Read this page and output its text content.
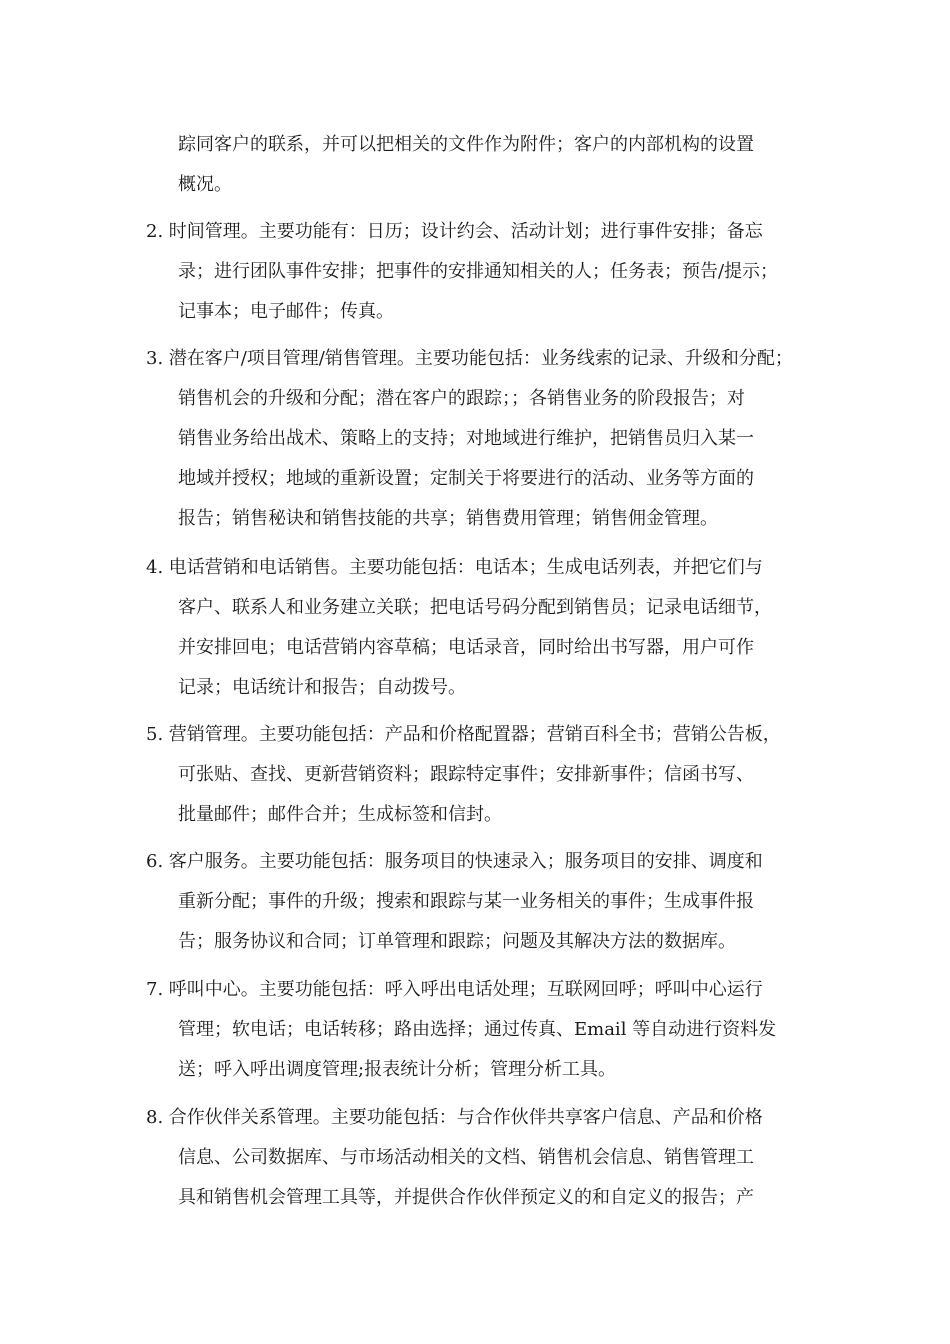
踪同客户的联系，并可以把相关的文件作为附件；客户的内部机构的设置
概况。
2. 时间管理。主要功能有：日历；设计约会、活动计划；进行事件安排；备忘
录；进行团队事件安排；把事件的安排通知相关的人；任务表；预告/提示；
记事本；电子邮件；传真。
3. 潜在客户/项目管理/销售管理。主要功能包括：业务线索的记录、升级和分配；
销售机会的升级和分配；潜在客户的跟踪；；各销售业务的阶段报告；对
销售业务给出战术、策略上的支持；对地域进行维护，把销售员归入某一
地域并授权；地域的重新设置；定制关于将要进行的活动、业务等方面的
报告；销售秘诀和销售技能的共享；销售费用管理；销售佣金管理。
4. 电话营销和电话销售。主要功能包括：电话本；生成电话列表，并把它们与
客户、联系人和业务建立关联；把电话号码分配到销售员；记录电话细节，
并安排回电；电话营销内容草稿；电话录音，同时给出书写器，用户可作
记录；电话统计和报告；自动拨号。
5. 营销管理。主要功能包括：产品和价格配置器；营销百科全书；营销公告板，
可张贴、查找、更新营销资料；跟踪特定事件；安排新事件；信函书写、
批量邮件；邮件合并；生成标签和信封。
6. 客户服务。主要功能包括：服务项目的快速录入；服务项目的安排、调度和
重新分配；事件的升级；搜索和跟踪与某一业务相关的事件；生成事件报
告；服务协议和合同；订单管理和跟踪；问题及其解决方法的数据库。
7. 呼叫中心。主要功能包括：呼入呼出电话处理；互联网回呼；呼叫中心运行
管理；软电话；电话转移；路由选择；通过传真、Email 等自动进行资料发
送；呼入呼出调度管理;报表统计分析；管理分析工具。
8. 合作伙伴关系管理。主要功能包括：与合作伙伴共享客户信息、产品和价格
信息、公司数据库、与市场活动相关的文档、销售机会信息、销售管理工
具和销售机会管理工具等，并提供合作伙伴预定义的和自定义的报告；产
